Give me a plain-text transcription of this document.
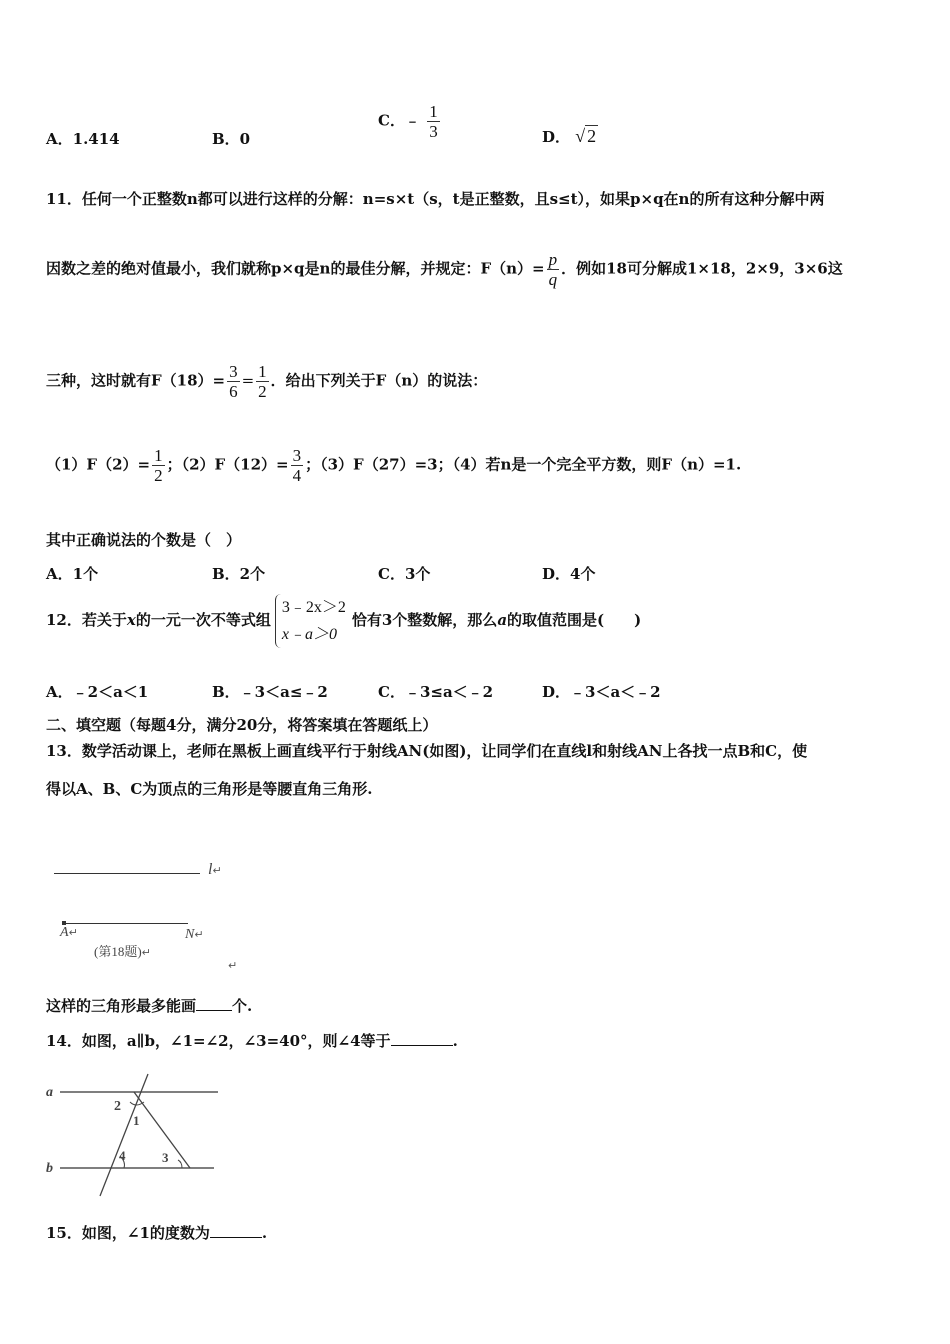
A．1.414	B．0
C．﹣ $\frac{1}{3}$	D． √ 2
11．任何一个正整数n都可以进行这样的分解：n=s×t（s，t是正整数，且s≤t），如果p×q在n的所有这种分解中两
因数之差的绝对值最小，我们就称p×q是n的最佳分解，并规定：$F(n)= \frac{p}{q}$ ．例如18可分解成1×18，2×9，3×6这
三种，这时就有$F(18)= \frac{3}{6} = \frac{1}{2}$ ．给出下列关于F（n）的说法：
$(1)F(2)= \frac{1}{2}$ ；$(2)F(12)= \frac{3}{4}$ ；（3）F（27）=3；（4）若n是一个完全平方数，则F（n）=1.
其中正确说法的个数是（　）
A．1个	B．2个	C．3个	D．4个
12．若关于x的一元一次不等式组
3﹣2x＞2
x﹣a＞0
恰有3个整数解，那么a的取值范围是(　　)
A．﹣2＜a＜1	B．﹣3＜a≤﹣2	C．﹣3≤a＜﹣2	D．﹣3＜a＜﹣2
二、填空题（每题4分，满分20分，将答案填在答题纸上）
13．数学活动课上，老师在黑板上画直线平行于射线AN(如图)，让同学们在直线l和射线AN上各找一点B和C，使
得以A、B、C为顶点的三角形是等腰直角三角形.
l↵
A↵	N↵
(第18题)↵
↵
这样的三角形最多能画 个.
14．如图，a∥b，∠1=∠2，∠3=40°，则∠4等于	.
a
b
2
1
4	3
15．如图，∠1的度数为	.
